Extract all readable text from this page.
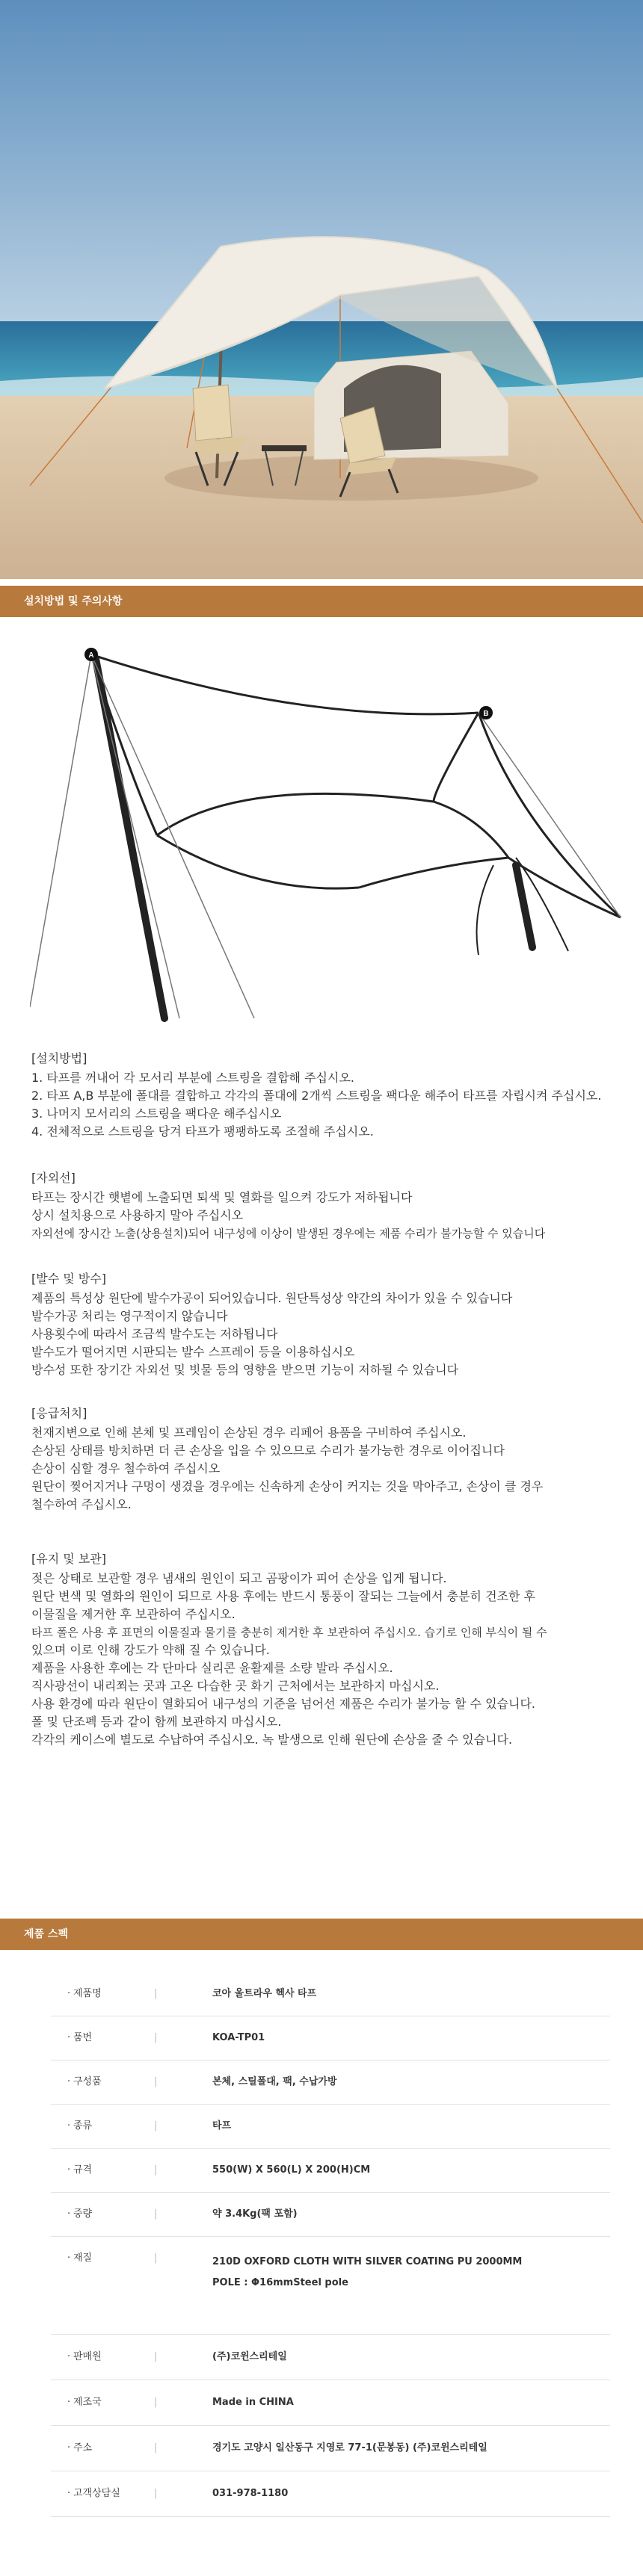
설치방법 및 주의사항
A
B
[설치방법]
1. 타프를 꺼내어 각 모서리 부분에 스트링을 결합해 주십시오.
2. 타프 A,B 부분에 폴대를 결합하고 각각의 폴대에 2개씩 스트링을 팩다운 해주어 타프를 자립시켜 주십시오.
3. 나머지 모서리의 스트링을 팩다운 해주십시오
4. 전체적으로 스트링을 당겨 타프가 팽팽하도록 조절해 주십시오.
[자외선]
타프는 장시간 햇볕에 노출되면 퇴색 및 열화를 일으켜 강도가 저하됩니다
상시 설치용으로 사용하지 말아 주십시오
자외선에 장시간 노출(상용설치)되어 내구성에 이상이 발생된 경우에는 제품 수리가 불가능할 수 있습니다
[발수 및 방수]
제품의 특성상 원단에 발수가공이 되어있습니다. 원단특성상 약간의 차이가 있을 수 있습니다
발수가공 처리는 영구적이지 않습니다
사용횟수에 따라서 조금씩 발수도는 저하됩니다
발수도가 떨어지면 시판되는 발수 스프레이 등을 이용하십시오
방수성 또한 장기간 자외선 및 빗물 등의 영향을 받으면 기능이 저하될 수 있습니다
[응급처치]
천재지변으로 인해 본체 및 프레임이 손상된 경우 리페어 용품을 구비하여 주십시오.
손상된 상태를 방치하면 더 큰 손상을 입을 수 있으므로 수리가 불가능한 경우로 이어집니다
손상이 심할 경우 철수하여 주십시오
원단이 찢어지거나 구멍이 생겼을 경우에는 신속하게 손상이 커지는 것을 막아주고, 손상이 클 경우
철수하여 주십시오.
[유지 및 보관]
젖은 상태로 보관할 경우 냄새의 원인이 되고 곰팡이가 피어 손상을 입게 됩니다.
원단 변색 및 열화의 원인이 되므로 사용 후에는 반드시 통풍이 잘되는 그늘에서 충분히 건조한 후
이물질을 제거한 후 보관하여 주십시오.
타프 폴은 사용 후 표면의 이물질과 물기를 충분히 제거한 후 보관하여 주십시오. 습기로 인해 부식이 될 수
있으며 이로 인해 강도가 약해 질 수 있습니다.
제품을 사용한 후에는 각 단마다 실리콘 윤활제를 소량 발라 주십시오.
직사광선이 내리쬐는 곳과 고온 다습한 곳 화기 근처에서는 보관하지 마십시오.
사용 환경에 따라 원단이 열화되어 내구성의 기준을 넘어선 제품은 수리가 불가능 할 수 있습니다.
폴 및 단조펙 등과 같이 함께 보관하지 마십시오.
각각의 케이스에 별도로 수납하여 주십시오. 녹 발생으로 인해 원단에 손상을 줄 수 있습니다.
제품 스펙
· 제품명	|	코아 울트라우 헥사 타프
· 품번	|	KOA-TP01
· 구성품	|	본체, 스틸폴대, 팩, 수납가방
· 종류	|	타프
· 규격	|	550(W) X 560(L) X 200(H)CM
· 중량	|	약 3.4Kg(팩 포함)
· 재질	|	210D OXFORD CLOTH WITH SILVER COATING PU 2000MM
POLE : Φ16mmSteel pole
· 판매원	|	(주)코윈스리테일
· 제조국	|	Made in CHINA
· 주소	|	경기도 고양시 일산동구 지영로 77-1(문봉동) (주)코윈스리테일
· 고객상담실	|	031-978-1180
